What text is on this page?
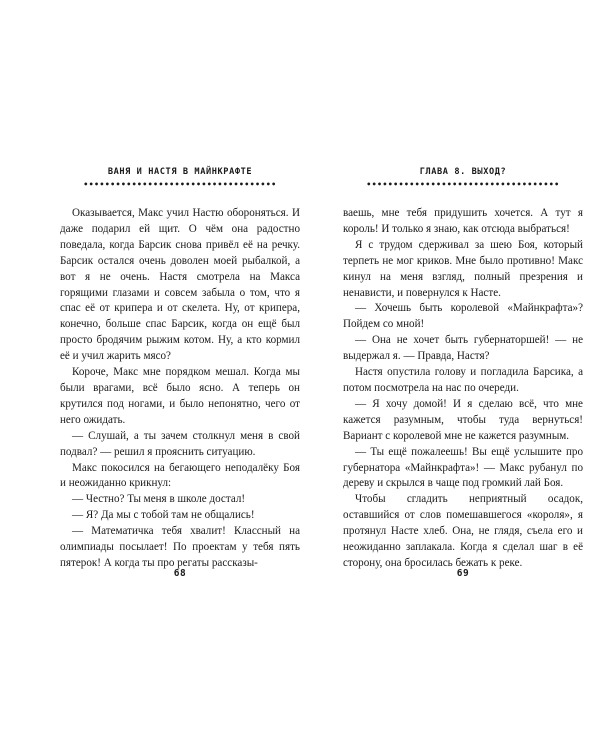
ВАНЯ И НАСТЯ В МАЙНКРАФТЕ
••••••••••••••••••••••••••••••••••••

Оказывается, Макс учил Настю обороняться. И даже подарил ей щит. О чём она радостно поведала, когда Барсик снова привёл её на речку. Барсик остался очень доволен моей рыбалкой, а вот я не очень. Настя смотрела на Макса горящими глазами и совсем забыла о том, что я спас её от крипера и от скелета. Ну, от крипера, конечно, больше спас Барсик, когда он ещё был просто бродячим рыжим котом. Ну, а кто кормил её и учил жарить мясо?

Короче, Макс мне порядком мешал. Когда мы были врагами, всё было ясно. А теперь он крутился под ногами, и было непонятно, чего от него ожидать.

— Слушай, а ты зачем столкнул меня в свой подвал? — решил я прояснить ситуацию.

Макс покосился на бегающего неподалёку Боя и неожиданно крикнул:

— Честно? Ты меня в школе достал!

— Я? Да мы с тобой там не общались!

— Математичка тебя хвалит! Классный на олимпиады посылает! По проектам у тебя пять пятерок! А когда ты про регаты рассказы-

68
ГЛАВА 8. ВЫХОД?
••••••••••••••••••••••••••••••••••••

ваешь, мне тебя придушить хочется. А тут я король! И только я знаю, как отсюда выбраться!

Я с трудом сдерживал за шею Боя, который терпеть не мог криков. Мне было противно! Макс кинул на меня взгляд, полный презрения и ненависти, и повернулся к Насте.

— Хочешь быть королевой «Майнкрафта»? Пойдем со мной!

— Она не хочет быть губернаторшей! — не выдержал я. — Правда, Настя?

Настя опустила голову и погладила Барсика, а потом посмотрела на нас по очереди.

— Я хочу домой! И я сделаю всё, что мне кажется разумным, чтобы туда вернуться! Вариант с королевой мне не кажется разумным.

— Ты ещё пожалеешь! Вы ещё услышите про губернатора «Майнкрафта»! — Макс рубанул по дереву и скрылся в чаще под громкий лай Боя.

Чтобы сгладить неприятный осадок, оставшийся от слов помешавшегося «короля», я протянул Насте хлеб. Она, не глядя, съела его и неожиданно заплакала. Когда я сделал шаг в её сторону, она бросилась бежать к реке.

69
